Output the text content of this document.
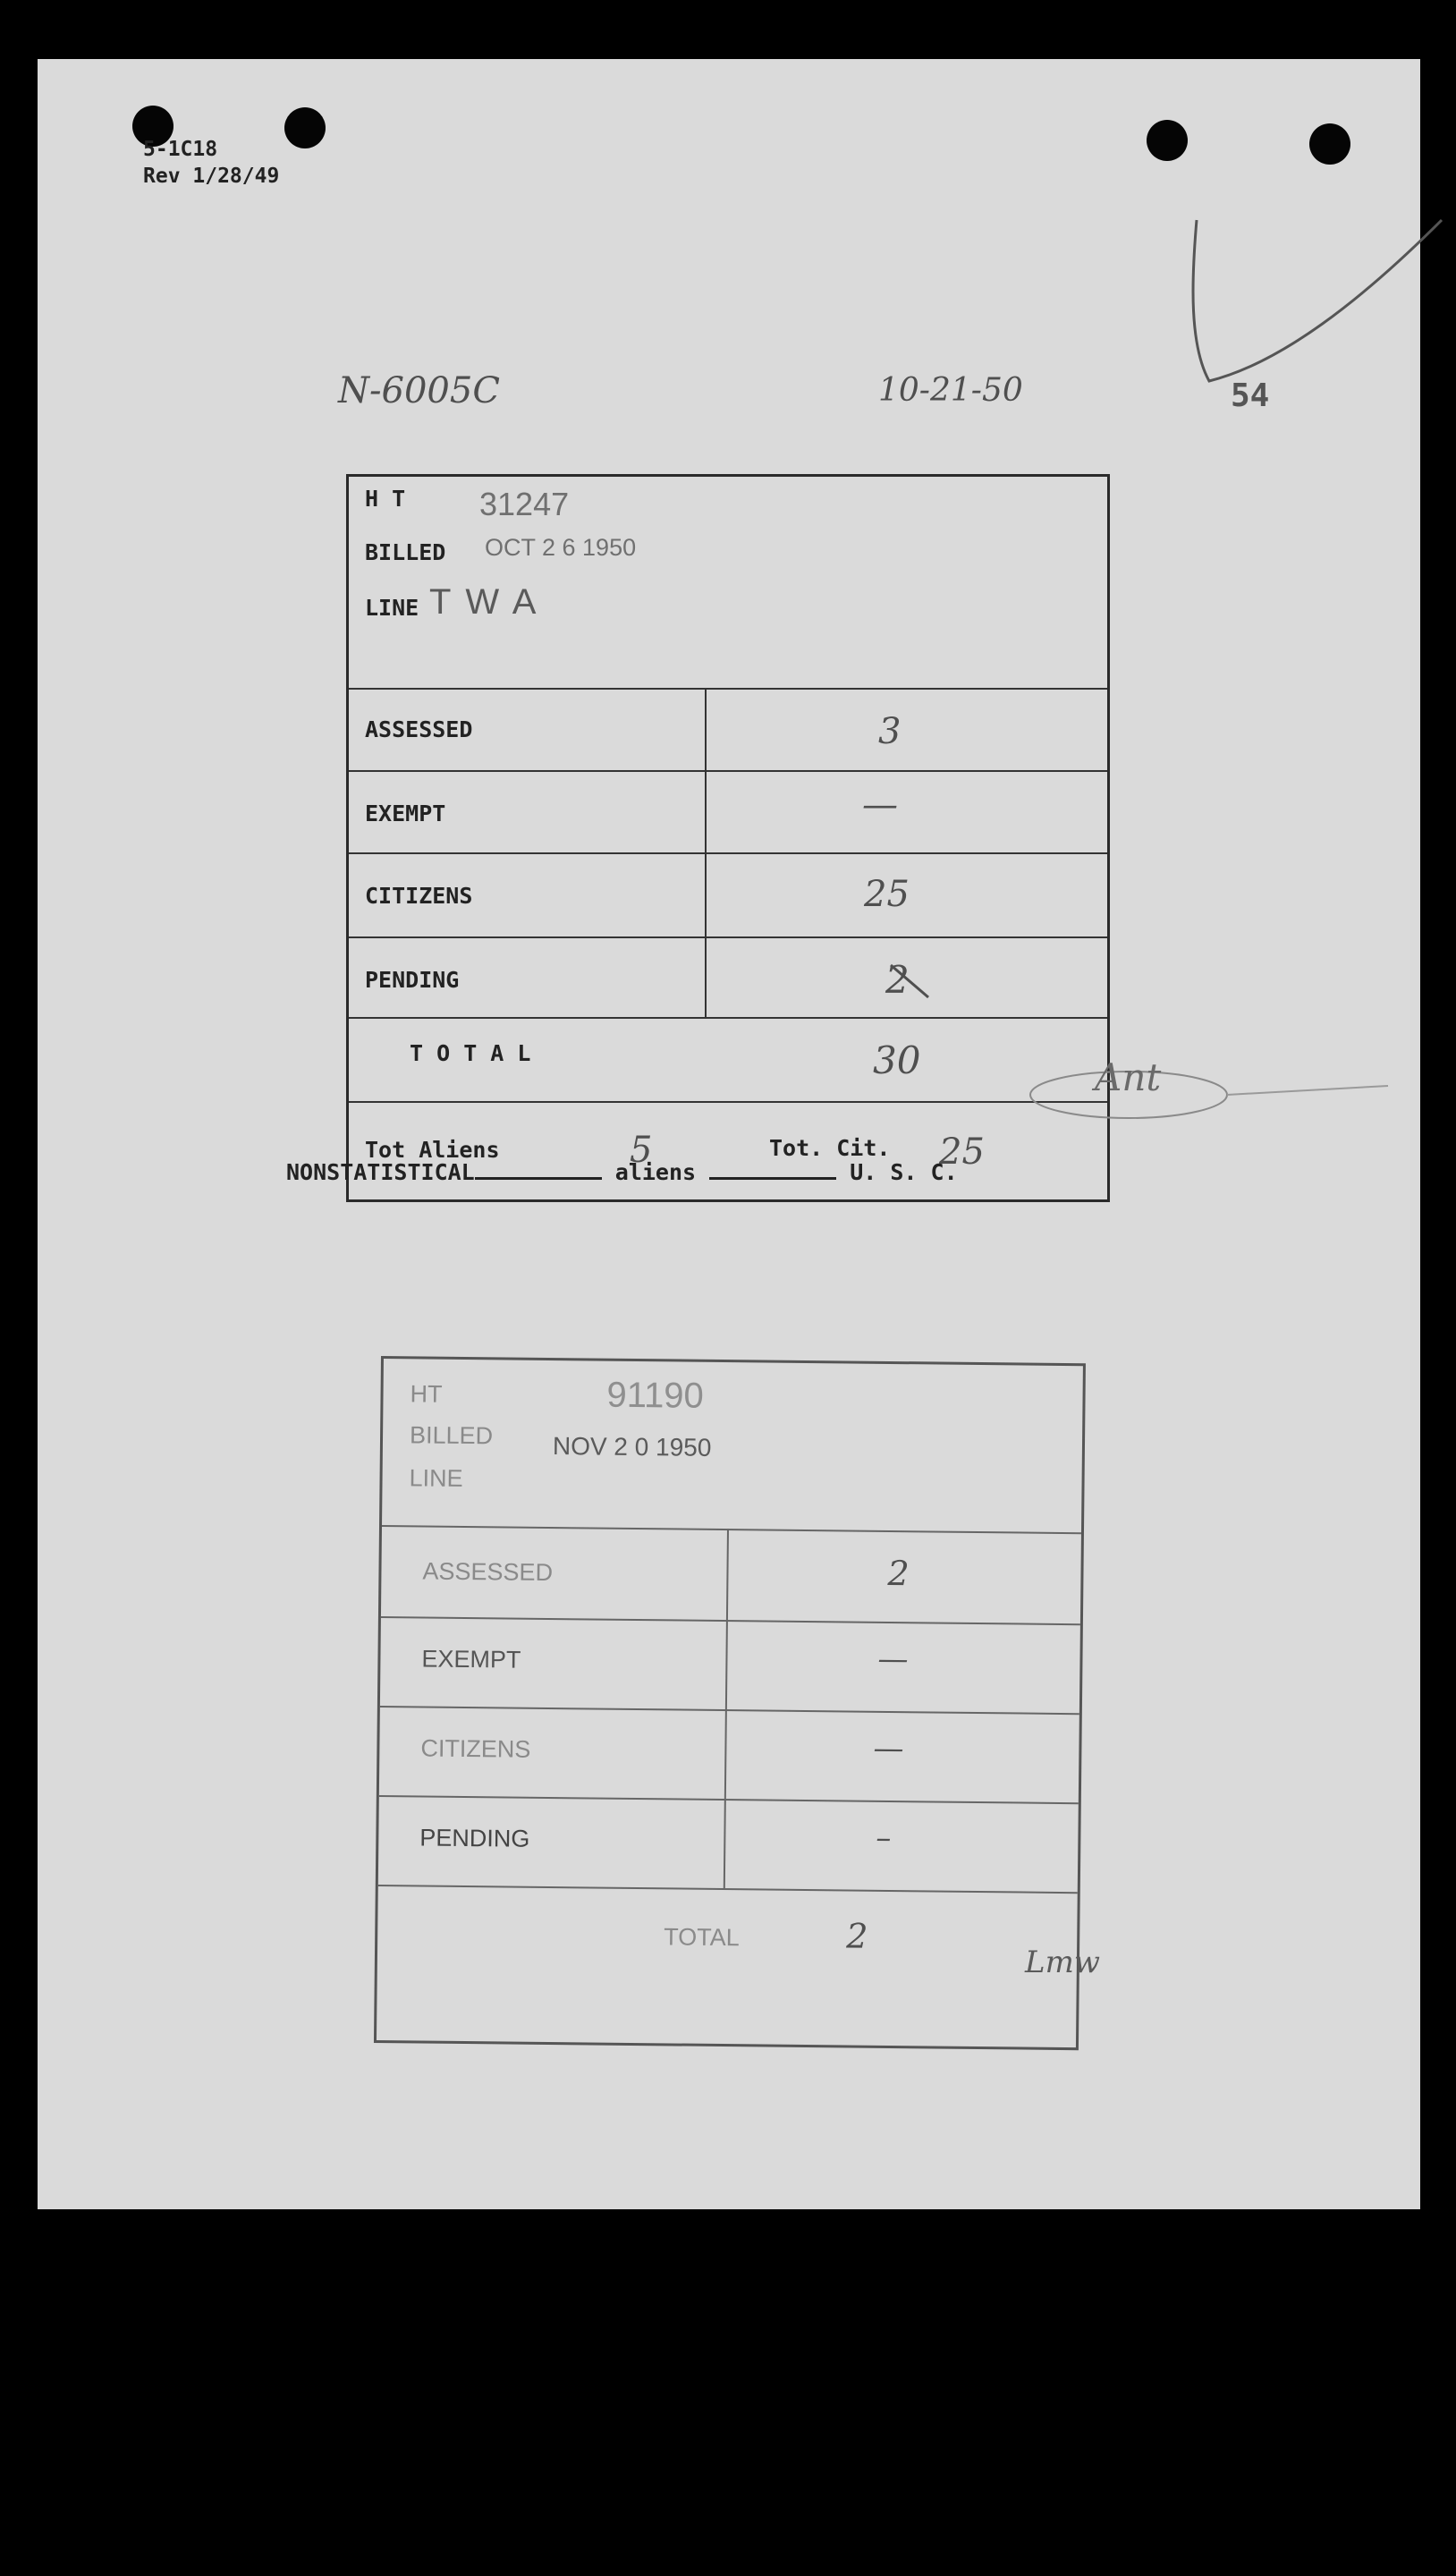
5-1C18
Rev 1/28/49
N-6005C	10-21-50	54
H T 31247
BILLED OCT 2 6 1950
LINE TWA
ASSESSED	3
EXEMPT	—
CITIZENS	25
PENDING	2
T O T A L	30
Tot Aliens	5	Tot. Cit. 25
Ant
NONSTATISTICAL	aliens	U. S. C.
HT	91190
BILLED NOV 2 0 1950
LINE
ASSESSED	2
EXEMPT	—
CITIZENS	—
PENDING	–
TOTAL	2
Lmw
